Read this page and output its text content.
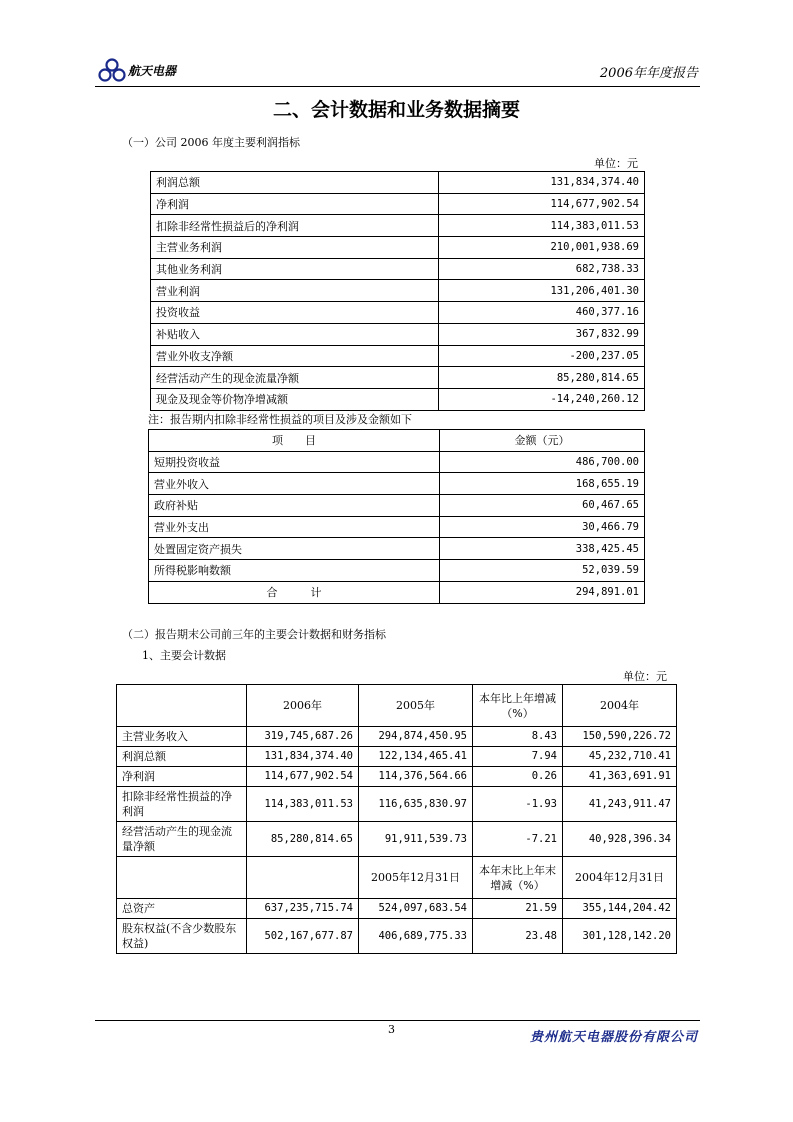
航天电器	2006年年度报告
二、会计数据和业务数据摘要
（一）公司 2006 年度主要利润指标
单位：元
利润总额	131,834,374.40
净利润	114,677,902.54
扣除非经常性损益后的净利润	114,383,011.53
主营业务利润	210,001,938.69
其他业务利润	682,738.33
营业利润	131,206,401.30
投资收益	460,377.16
补贴收入	367,832.99
营业外收支净额	-200,237.05
经营活动产生的现金流量净额	85,280,814.65
现金及现金等价物净增减额	-14,240,260.12
注：报告期内扣除非经常性损益的项目及涉及金额如下
项　　目	金额（元）
短期投资收益	486,700.00
营业外收入	168,655.19
政府补贴	60,467.65
营业外支出	30,466.79
处置固定资产损失	338,425.45
所得税影响数额	52,039.59
合　　　计	294,891.01
（二）报告期末公司前三年的主要会计数据和财务指标
1、主要会计数据
单位：元
	2006年	2005年	本年比上年增减（%）	2004年
主营业务收入	319,745,687.26	294,874,450.95	8.43	150,590,226.72
利润总额	131,834,374.40	122,134,465.41	7.94	45,232,710.41
净利润	114,677,902.54	114,376,564.66	0.26	41,363,691.91
扣除非经常性损益的净利润	114,383,011.53	116,635,830.97	-1.93	41,243,911.47
经营活动产生的现金流量净额	85,280,814.65	91,911,539.73	-7.21	40,928,396.34
		2005年12月31日	本年末比上年末增减（%）	2004年12月31日
总资产	637,235,715.74	524,097,683.54	21.59	355,144,204.42
股东权益(不含少数股东权益)	502,167,677.87	406,689,775.33	23.48	301,128,142.20
3
贵州航天电器股份有限公司
